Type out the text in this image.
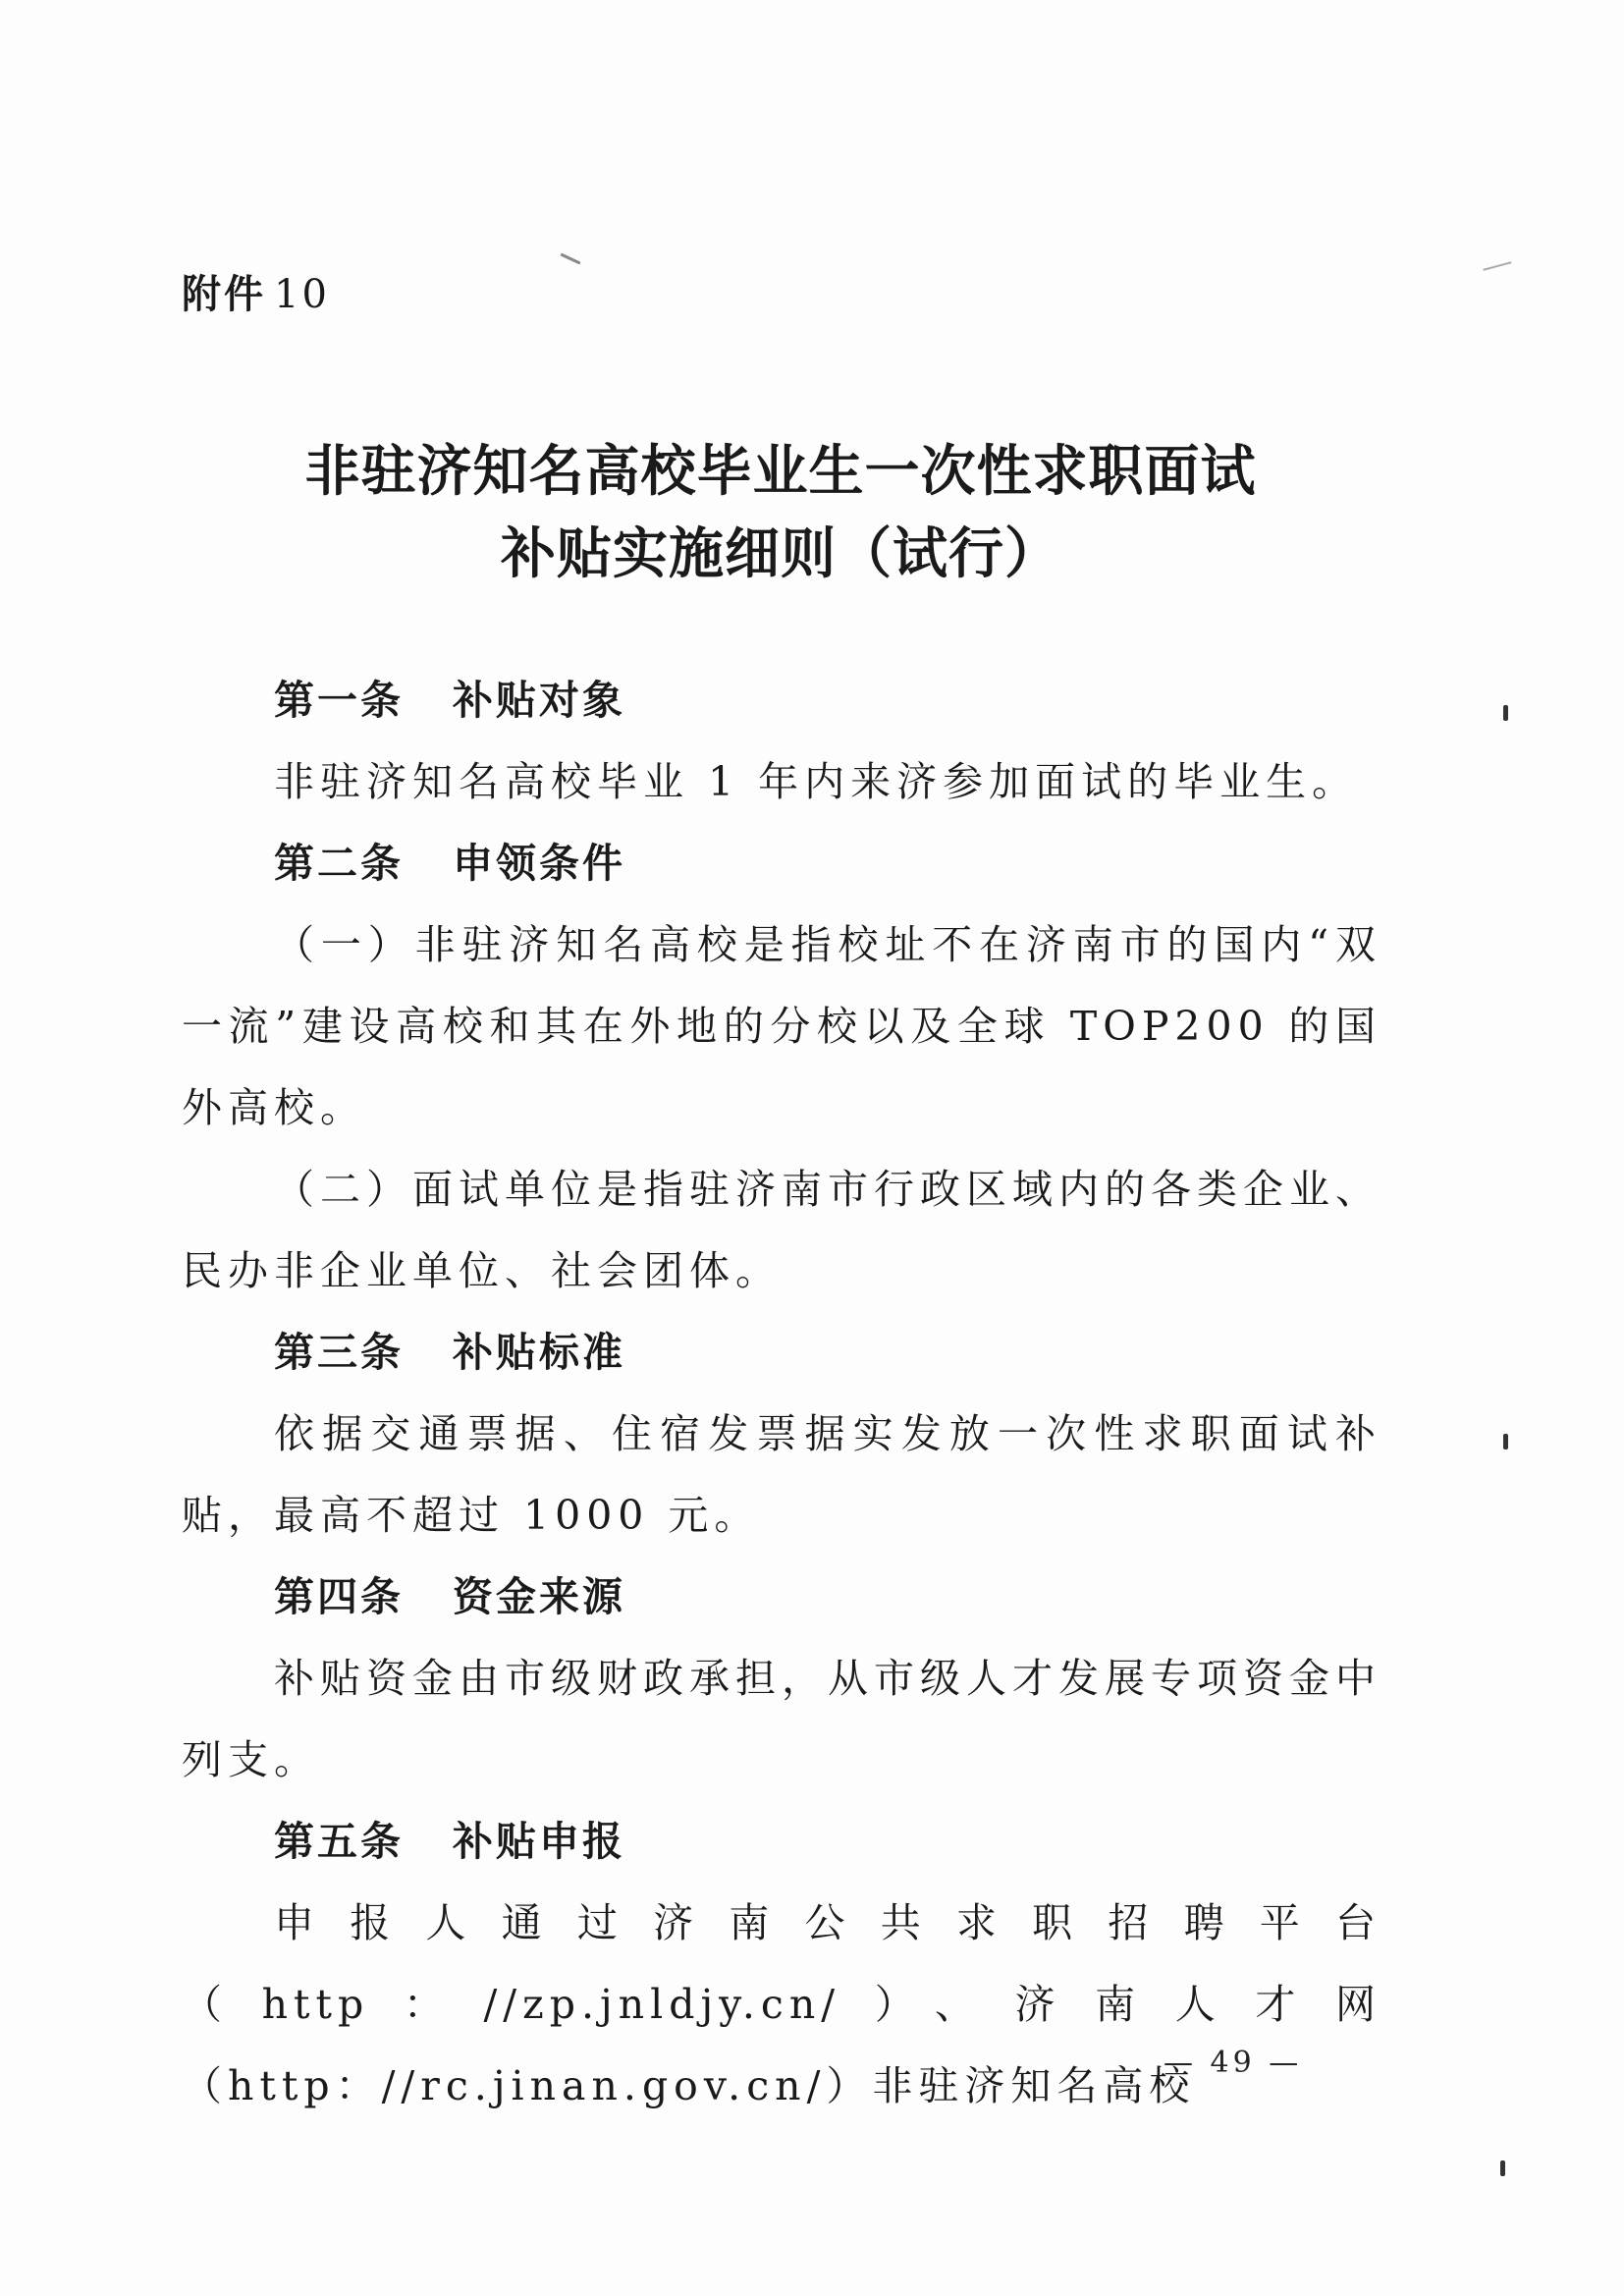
附件 10
非驻济知名高校毕业生一次性求职面试
补贴实施细则（试行）

第一条 补贴对象

非驻济知名高校毕业 1 年内来济参加面试的毕业生。

第二条 申领条件

（一）非驻济知名高校是指校址不在济南市的国内“双一流”建设高校和其在外地的分校以及全球 TOP200 的国外高校。

（二）面试单位是指驻济南市行政区域内的各类企业、民办非企业单位、社会团体。

第三条 补贴标准

依据交通票据、住宿发票据实发放一次性求职面试补贴，最高不超过 1000 元。

第四条 资金来源

补贴资金由市级财政承担，从市级人才发展专项资金中列支。

第五条 补贴申报

申报人通过济南公共求职招聘平台（http：//zp.jnldjy.cn/）、济南人才网（http：//rc.jinan.gov.cn/）非驻济知名高校

— 49 —
